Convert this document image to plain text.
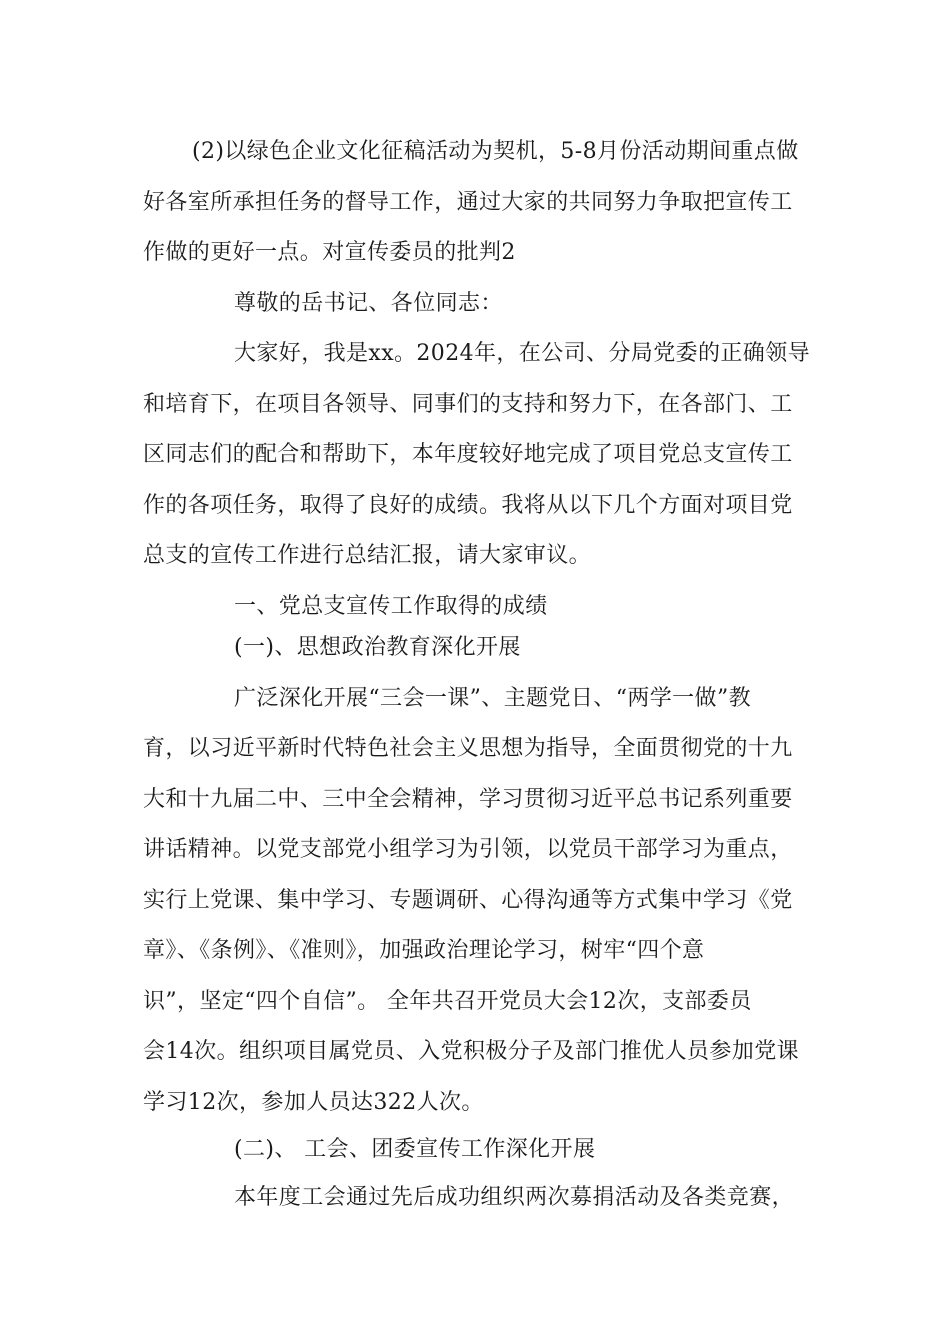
(2)以绿色企业文化征稿活动为契机，5-8月份活动期间重点做
好各室所承担任务的督导工作，通过大家的共同努力争取把宣传工
作做的更好一点。对宣传委员的批判2
尊敬的岳书记、各位同志：
大家好，我是xx。2024年，在公司、分局党委的正确领导
和培育下，在项目各领导、同事们的支持和努力下，在各部门、工
区同志们的配合和帮助下，本年度较好地完成了项目党总支宣传工
作的各项任务，取得了良好的成绩。我将从以下几个方面对项目党
总支的宣传工作进行总结汇报，请大家审议。
一、党总支宣传工作取得的成绩
(一)、思想政治教育深化开展
广泛深化开展“三会一课”、主题党日、“两学一做”教
育，以习近平新时代特色社会主义思想为指导，全面贯彻党的十九
大和十九届二中、三中全会精神，学习贯彻习近平总书记系列重要
讲话精神。以党支部党小组学习为引领，以党员干部学习为重点，
实行上党课、集中学习、专题调研、心得沟通等方式集中学习《党
章》、《条例》、《准则》，加强政治理论学习，树牢“四个意
识”，坚定“四个自信”。 全年共召开党员大会12次，支部委员
会14次。组织项目属党员、入党积极分子及部门推优人员参加党课
学习12次，参加人员达322人次。
(二)、 工会、团委宣传工作深化开展
本年度工会通过先后成功组织两次募捐活动及各类竞赛，
